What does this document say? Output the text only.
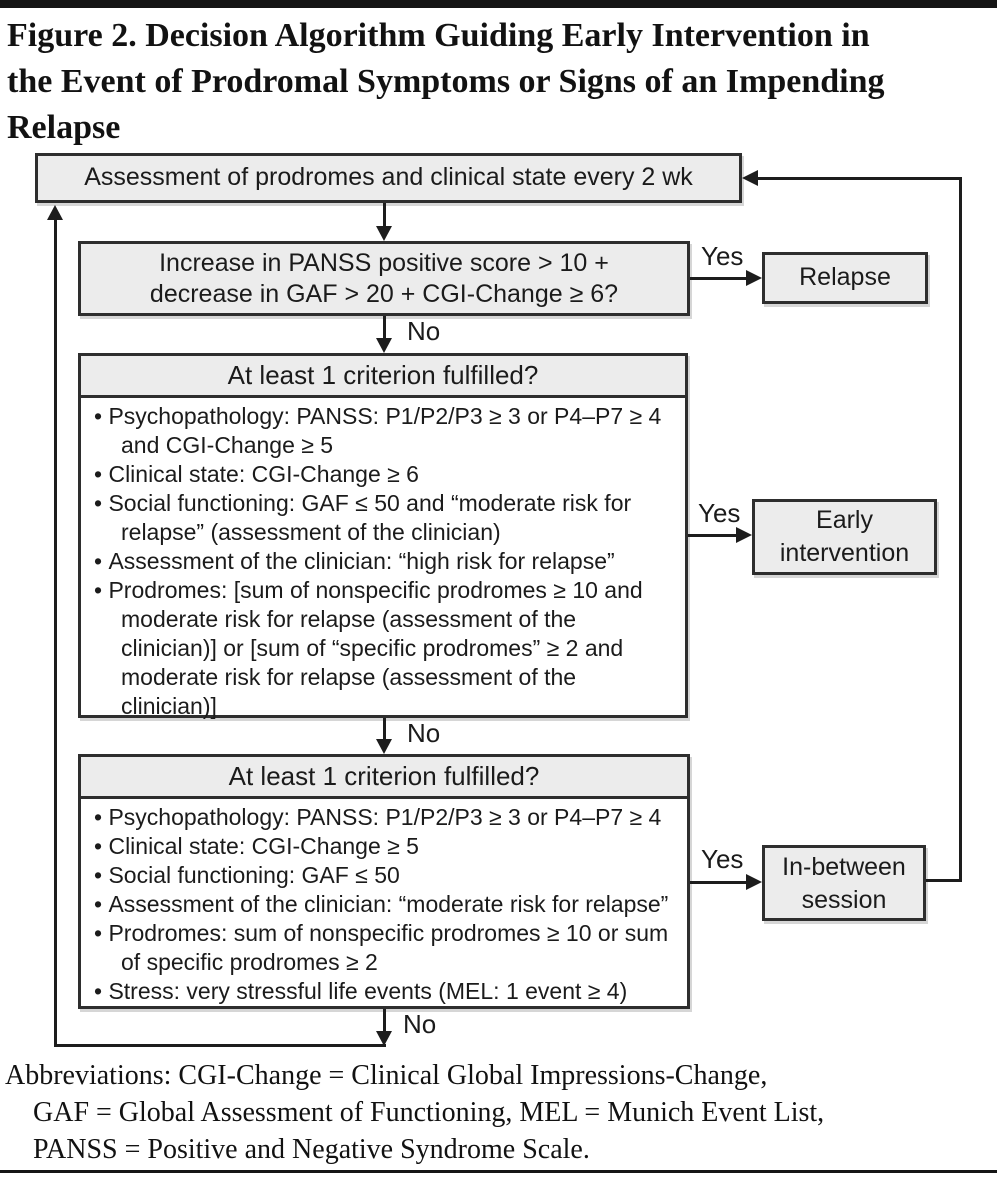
Figure 2. Decision Algorithm Guiding Early Intervention in
the Event of Prodromal Symptoms or Signs of an Impending
Relapse
Assessment of prodromes and clinical state every 2 wk
Increase in PANSS positive score > 10 +
decrease in GAF > 20 + CGI-Change ≥ 6?
Yes
Relapse
No
At least 1 criterion fulfilled?
• Psychopathology: PANSS: P1/P2/P3 ≥ 3 or P4–P7 ≥ 4 and CGI-Change ≥ 5
• Clinical state: CGI-Change ≥ 6
• Social functioning: GAF ≤ 50 and “moderate risk for relapse” (assessment of the clinician)
• Assessment of the clinician: “high risk for relapse”
• Prodromes: [sum of nonspecific prodromes ≥ 10 and moderate risk for relapse (assessment of the clinician)] or [sum of “specific prodromes” ≥ 2 and moderate risk for relapse (assessment of the clinician)]
Yes	Early intervention
No
At least 1 criterion fulfilled?
• Psychopathology: PANSS: P1/P2/P3 ≥ 3 or P4–P7 ≥ 4
• Clinical state: CGI-Change ≥ 5
• Social functioning: GAF ≤ 50
• Assessment of the clinician: “moderate risk for relapse”
• Prodromes: sum of nonspecific prodromes ≥ 10 or sum of specific prodromes ≥ 2
• Stress: very stressful life events (MEL: 1 event ≥ 4)
Yes	In-between session
No
Abbreviations: CGI-Change = Clinical Global Impressions-Change,
GAF = Global Assessment of Functioning, MEL = Munich Event List,
PANSS = Positive and Negative Syndrome Scale.
